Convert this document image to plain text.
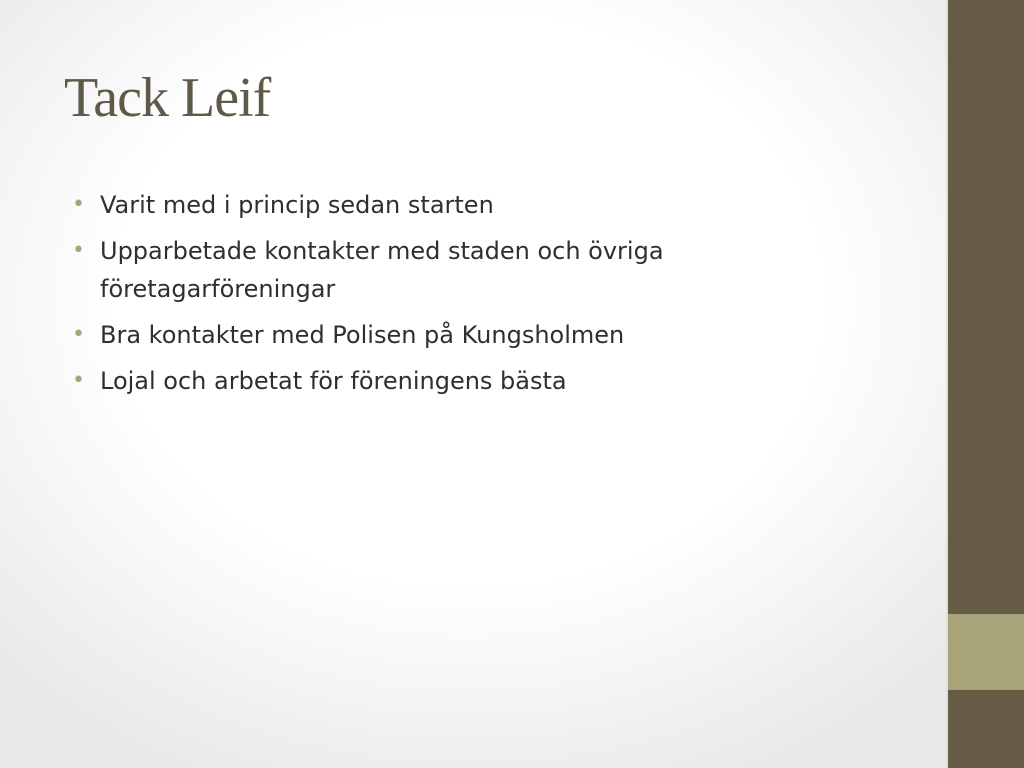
Tack Leif
• Varit med i princip sedan starten
• Upparbetade kontakter med staden och övriga företagarföreningar
• Bra kontakter med Polisen på Kungsholmen
• Lojal och arbetat för föreningens bästa
